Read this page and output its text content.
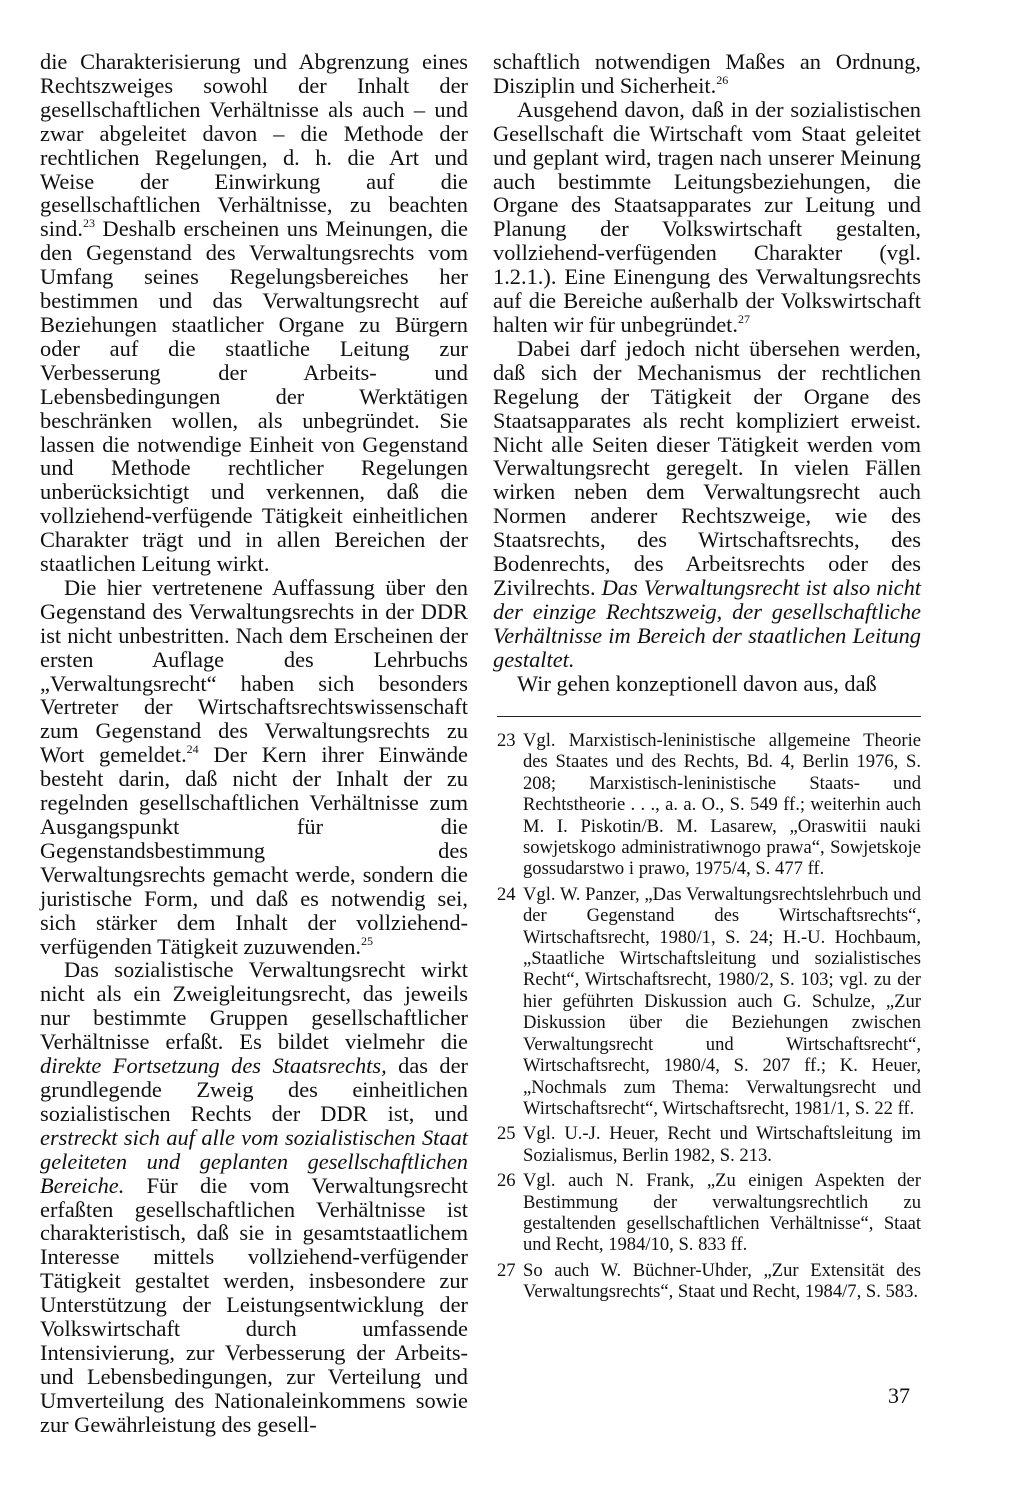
die Charakterisierung und Abgrenzung eines Rechtszweiges sowohl der Inhalt der gesellschaftlichen Verhältnisse als auch – und zwar abgeleitet davon – die Methode der rechtlichen Regelungen, d. h. die Art und Weise der Einwirkung auf die gesellschaftlichen Verhältnisse, zu beachten sind.$^{23}$ Deshalb erscheinen uns Meinungen, die den Gegenstand des Verwaltungsrechts vom Umfang seines Regelungsbereiches her bestimmen und das Verwaltungsrecht auf Beziehungen staatlicher Organe zu Bürgern oder auf die staatliche Leitung zur Verbesserung der Arbeits- und Lebensbedingungen der Werktätigen beschränken wollen, als unbegründet. Sie lassen die notwendige Einheit von Gegenstand und Methode rechtlicher Regelungen unberücksichtigt und verkennen, daß die vollziehend-verfügende Tätigkeit einheitlichen Charakter trägt und in allen Bereichen der staatlichen Leitung wirkt.

Die hier vertretenene Auffassung über den Gegenstand des Verwaltungsrechts in der DDR ist nicht unbestritten. Nach dem Erscheinen der ersten Auflage des Lehrbuchs „Verwaltungsrecht“ haben sich besonders Vertreter der Wirtschaftsrechtswissenschaft zum Gegenstand des Verwaltungsrechts zu Wort gemeldet.$^{24}$ Der Kern ihrer Einwände besteht darin, daß nicht der Inhalt der zu regelnden gesellschaftlichen Verhältnisse zum Ausgangspunkt für die Gegenstandsbestimmung des Verwaltungsrechts gemacht werde, sondern die juristische Form, und daß es notwendig sei, sich stärker dem Inhalt der vollziehend-verfügenden Tätigkeit zuzuwenden.$^{25}$

Das sozialistische Verwaltungsrecht wirkt nicht als ein Zweigleitungsrecht, das jeweils nur bestimmte Gruppen gesellschaftlicher Verhältnisse erfaßt. Es bildet vielmehr die direkte Fortsetzung des Staatsrechts, das der grundlegende Zweig des einheitlichen sozialistischen Rechts der DDR ist, und erstreckt sich auf alle vom sozialistischen Staat geleiteten und geplanten gesellschaftlichen Bereiche. Für die vom Verwaltungsrecht erfaßten gesellschaftlichen Verhältnisse ist charakteristisch, daß sie in gesamtstaatlichem Interesse mittels vollziehend-verfügender Tätigkeit gestaltet werden, insbesondere zur Unterstützung der Leistungsentwicklung der Volkswirtschaft durch umfassende Intensivierung, zur Verbesserung der Arbeits- und Lebensbedingungen, zur Verteilung und Umverteilung des Nationaleinkommens sowie zur Gewährleistung des gesell-

schaftlich notwendigen Maßes an Ordnung, Disziplin und Sicherheit.$^{26}$

Ausgehend davon, daß in der sozialistischen Gesellschaft die Wirtschaft vom Staat geleitet und geplant wird, tragen nach unserer Meinung auch bestimmte Leitungsbeziehungen, die Organe des Staatsapparates zur Leitung und Planung der Volkswirtschaft gestalten, vollziehend-verfügenden Charakter (vgl. 1.2.1.). Eine Einengung des Verwaltungsrechts auf die Bereiche außerhalb der Volkswirtschaft halten wir für unbegründet.$^{27}$

Dabei darf jedoch nicht übersehen werden, daß sich der Mechanismus der rechtlichen Regelung der Tätigkeit der Organe des Staatsapparates als recht kompliziert erweist. Nicht alle Seiten dieser Tätigkeit werden vom Verwaltungsrecht geregelt. In vielen Fällen wirken neben dem Verwaltungsrecht auch Normen anderer Rechtszweige, wie des Staatsrechts, des Wirtschaftsrechts, des Bodenrechts, des Arbeitsrechts oder des Zivilrechts. Das Verwaltungsrecht ist also nicht der einzige Rechtszweig, der gesellschaftliche Verhältnisse im Bereich der staatlichen Leitung gestaltet.

Wir gehen konzeptionell davon aus, daß

23 Vgl. Marxistisch-leninistische allgemeine Theorie des Staates und des Rechts, Bd. 4, Berlin 1976, S. 208; Marxistisch-leninistische Staats- und Rechtstheorie . . ., a. a. O., S. 549 ff.; weiterhin auch M. I. Piskotin/B. M. Lasarew, „Oraswitii nauki sowjetskogo administratiwnogo prawa“, Sowjetskoje gossudarstwo i prawo, 1975/4, S. 477 ff.
24 Vgl. W. Panzer, „Das Verwaltungsrechtslehrbuch und der Gegenstand des Wirtschaftsrechts“, Wirtschaftsrecht, 1980/1, S. 24; H.-U. Hochbaum, „Staatliche Wirtschaftsleitung und sozialistisches Recht“, Wirtschaftsrecht, 1980/2, S. 103; vgl. zu der hier geführten Diskussion auch G. Schulze, „Zur Diskussion über die Beziehungen zwischen Verwaltungsrecht und Wirtschaftsrecht“, Wirtschaftsrecht, 1980/4, S. 207 ff.; K. Heuer, „Nochmals zum Thema: Verwaltungsrecht und Wirtschaftsrecht“, Wirtschaftsrecht, 1981/1, S. 22 ff.
25 Vgl. U.-J. Heuer, Recht und Wirtschaftsleitung im Sozialismus, Berlin 1982, S. 213.
26 Vgl. auch N. Frank, „Zu einigen Aspekten der Bestimmung der verwaltungsrechtlich zu gestaltenden gesellschaftlichen Verhältnisse“, Staat und Recht, 1984/10, S. 833 ff.
27 So auch W. Büchner-Uhder, „Zur Extensität des Verwaltungsrechts“, Staat und Recht, 1984/7, S. 583.
37
